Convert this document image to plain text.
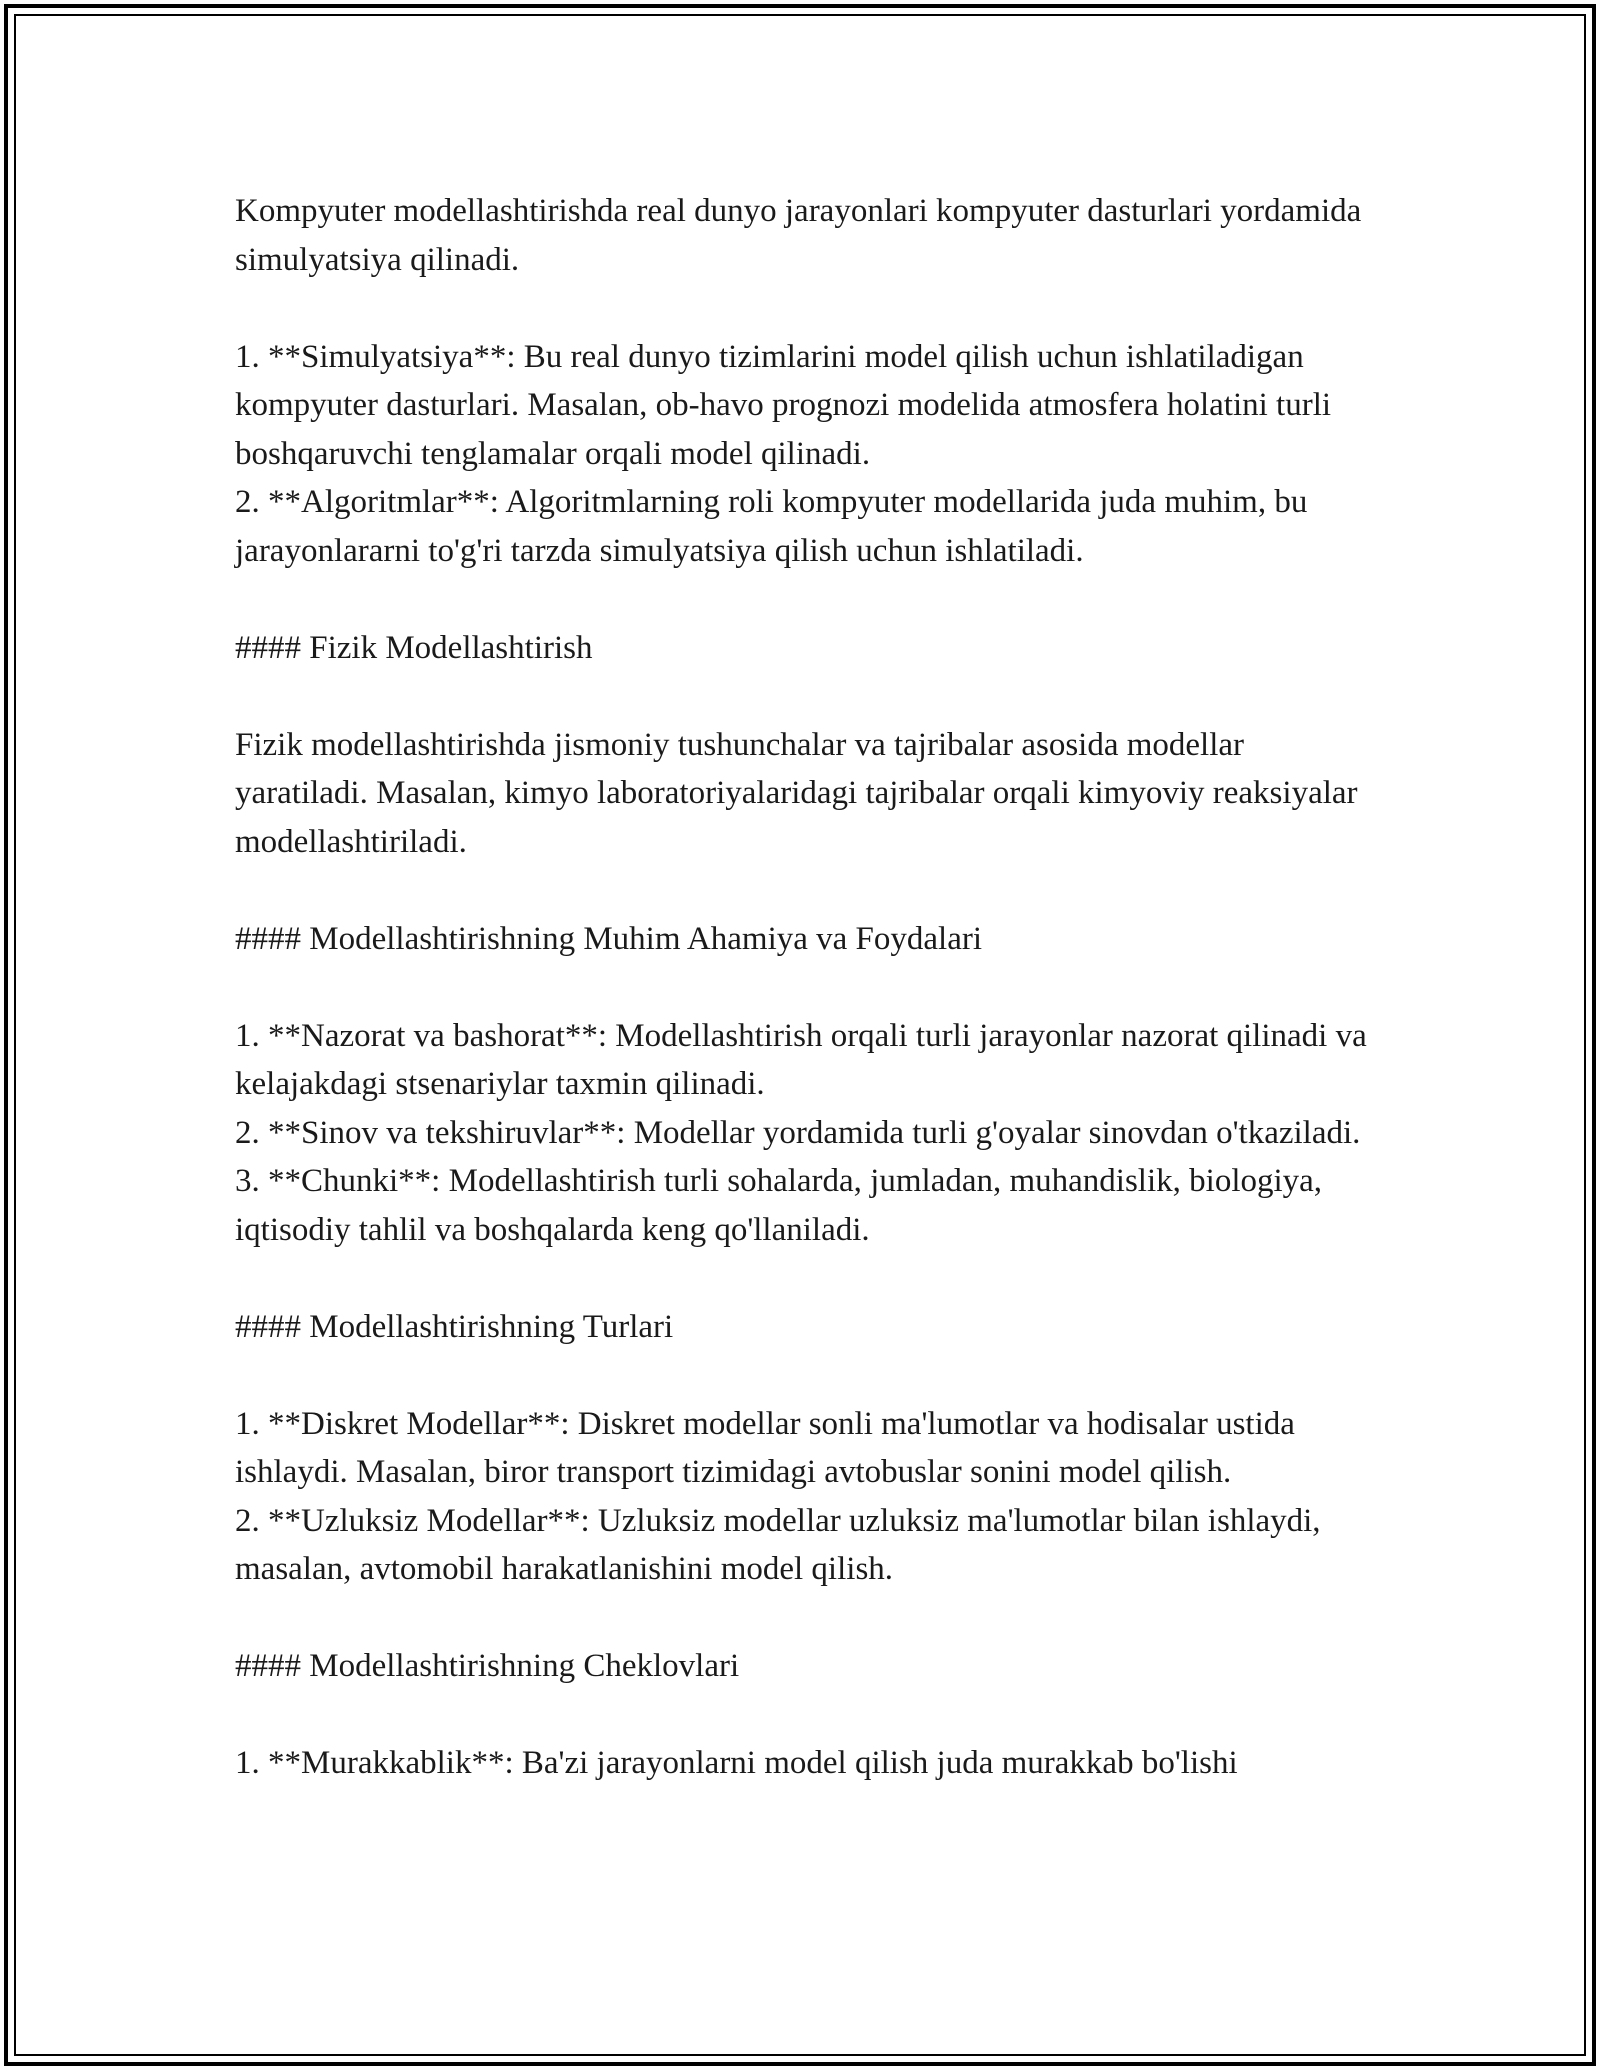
Kompyuter modellashtirishda real dunyo jarayonlari kompyuter dasturlari yordamida simulyatsiya qilinadi.

1. **Simulyatsiya**: Bu real dunyo tizimlarini model qilish uchun ishlatiladigan kompyuter dasturlari. Masalan, ob-havo prognozi modelida atmosfera holatini turli boshqaruvchi tenglamalar orqali model qilinadi.

2. **Algoritmlar**: Algoritmlarning roli kompyuter modellarida juda muhim, bu jarayonlararni to'g'ri tarzda simulyatsiya qilish uchun ishlatiladi.

#### Fizik Modellashtirish

Fizik modellashtirishda jismoniy tushunchalar va tajribalar asosida modellar yaratiladi. Masalan, kimyo laboratoriyalaridagi tajribalar orqali kimyoviy reaksiyalar modellashtiriladi.

#### Modellashtirishning Muhim Ahamiya va Foydalari

1. **Nazorat va bashorat**: Modellashtirish orqali turli jarayonlar nazorat qilinadi va kelajakdagi stsenariylar taxmin qilinadi.

2. **Sinov va tekshiruvlar**: Modellar yordamida turli g'oyalar sinovdan o'tkaziladi.

3. **Chunki**: Modellashtirish turli sohalarda, jumladan, muhandislik, biologiya, iqtisodiy tahlil va boshqalarda keng qo'llaniladi.

#### Modellashtirishning Turlari

1. **Diskret Modellar**: Diskret modellar sonli ma'lumotlar va hodisalar ustida ishlaydi. Masalan, biror transport tizimidagi avtobuslar sonini model qilish.

2. **Uzluksiz Modellar**: Uzluksiz modellar uzluksiz ma'lumotlar bilan ishlaydi, masalan, avtomobil harakatlanishini model qilish.

#### Modellashtirishning Cheklovlari

1. **Murakkablik**: Ba'zi jarayonlarni model qilish juda murakkab bo'lishi
